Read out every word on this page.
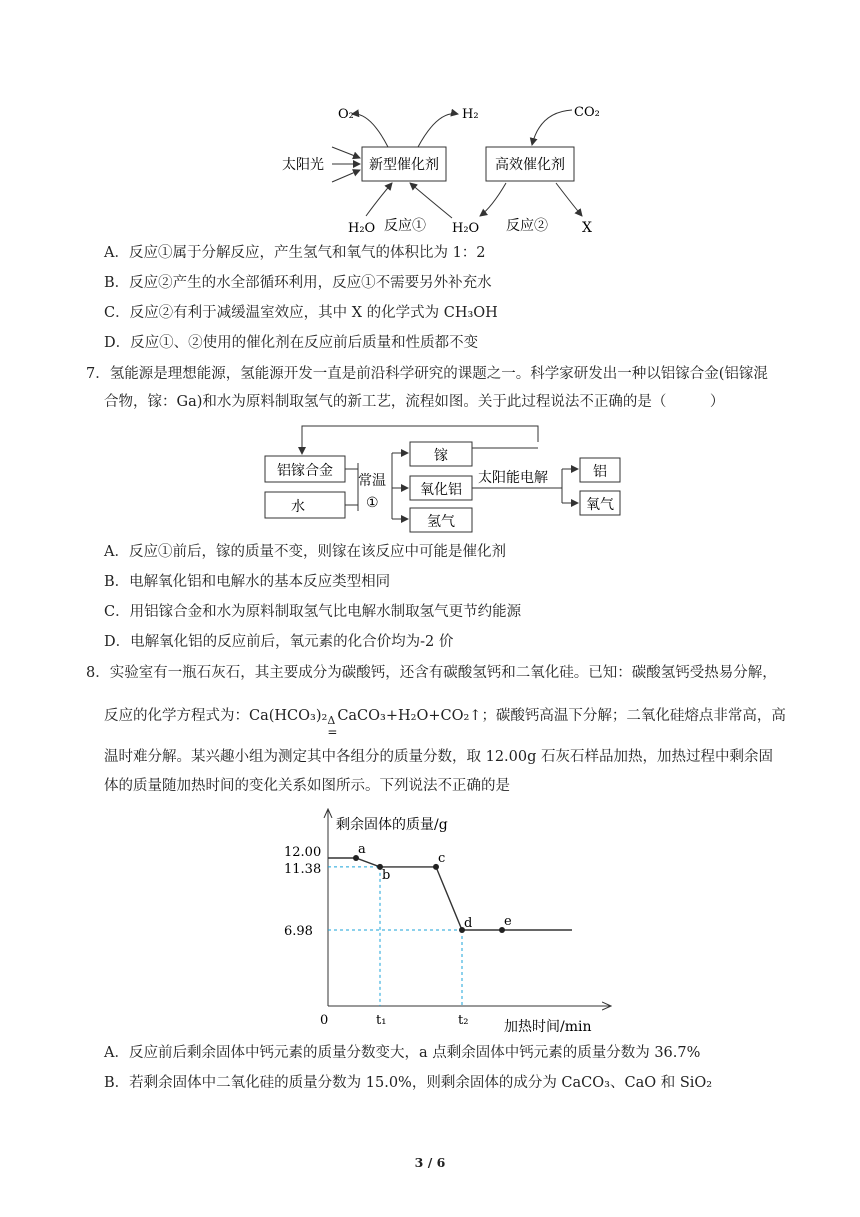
新型催化剂	高效催化剂
太阳光
O₂	H₂	CO₂
H₂O 反应① H₂O 反应② X
A．反应①属于分解反应，产生氢气和氧气的体积比为 1：2
B．反应②产生的水全部循环利用，反应①不需要另外补充水
C．反应②有利于减缓温室效应，其中 X 的化学式为 CH₃OH
D．反应①、②使用的催化剂在反应前后质量和性质都不变
7．氢能源是理想能源，氢能源开发一直是前沿科学研究的课题之一。科学家研发出一种以铝镓合金(铝镓混
合物，镓：Ga)和水为原料制取氢气的新工艺，流程如图。关于此过程说法不正确的是（　　　）
铝镓合金
水
常温
①
镓
氧化铝
氢气
太阳能电解	铝
氧气
A．反应①前后，镓的质量不变，则镓在该反应中可能是催化剂
B．电解氧化铝和电解水的基本反应类型相同
C．用铝镓合金和水为原料制取氢气比电解水制取氢气更节约能源
D．电解氧化铝的反应前后，氧元素的化合价均为-2 价
8．实验室有一瓶石灰石，其主要成分为碳酸钙，还含有碳酸氢钙和二氧化硅。已知：碳酸氢钙受热易分解，
反应的化学方程式为：Ca(HCO₃)₂ Δ
=
CaCO₃+H₂O+CO₂↑；碳酸钙高温下分解；二氧化硅熔点非常高，高
温时难分解。某兴趣小组为测定其中各组分的质量分数，取 12.00g 石灰石样品加热，加热过程中剩余固
体的质量随加热时间的变化关系如图所示。下列说法不正确的是
剩余固体的质量/g
加热时间/min
0
12.00
11.38
6.98
t₁	t₂
a
b
c
d e
A．反应前后剩余固体中钙元素的质量分数变大，a 点剩余固体中钙元素的质量分数为 36.7%
B．若剩余固体中二氧化硅的质量分数为 15.0%，则剩余固体的成分为 CaCO₃、CaO 和 SiO₂
3 / 6
